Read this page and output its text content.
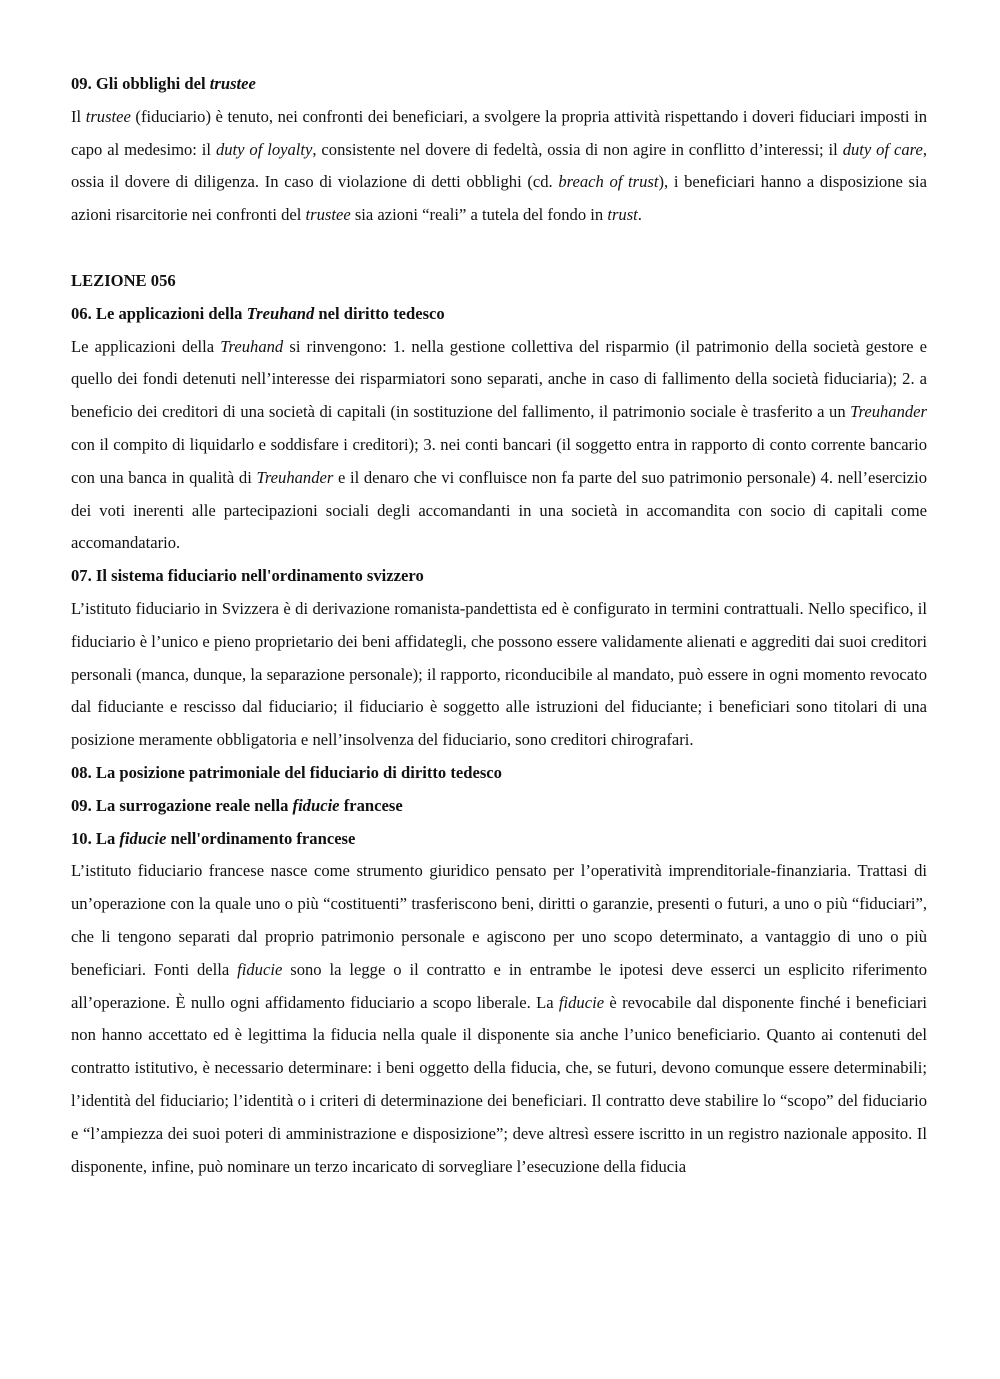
09. Gli obblighi del trustee

Il trustee (fiduciario) è tenuto, nei confronti dei beneficiari, a svolgere la propria attività rispettando i doveri fiduciari imposti in capo al medesimo: il duty of loyalty, consistente nel dovere di fedeltà, ossia di non agire in conflitto d’interessi; il duty of care, ossia il dovere di diligenza. In caso di violazione di detti obblighi (cd. breach of trust), i beneficiari hanno a disposizione sia azioni risarcitorie nei confronti del trustee sia azioni “reali” a tutela del fondo in trust.

LEZIONE 056

06. Le applicazioni della Treuhand nel diritto tedesco

Le applicazioni della Treuhand si rinvengono: 1. nella gestione collettiva del risparmio (il patrimonio della società gestore e quello dei fondi detenuti nell’interesse dei risparmiatori sono separati, anche in caso di fallimento della società fiduciaria); 2. a beneficio dei creditori di una società di capitali (in sostituzione del fallimento, il patrimonio sociale è trasferito a un Treuhander con il compito di liquidarlo e soddisfare i creditori); 3. nei conti bancari (il soggetto entra in rapporto di conto corrente bancario con una banca in qualità di Treuhander e il denaro che vi confluisce non fa parte del suo patrimonio personale) 4. nell’esercizio dei voti inerenti alle partecipazioni sociali degli accomandanti in una società in accomandita con socio di capitali come accomandatario.

07. Il sistema fiduciario nell'ordinamento svizzero

L’istituto fiduciario in Svizzera è di derivazione romanista-pandettista ed è configurato in termini contrattuali. Nello specifico, il fiduciario è l’unico e pieno proprietario dei beni affidategli, che possono essere validamente alienati e aggrediti dai suoi creditori personali (manca, dunque, la separazione personale); il rapporto, riconducibile al mandato, può essere in ogni momento revocato dal fiduciante e rescisso dal fiduciario; il fiduciario è soggetto alle istruzioni del fiduciante; i beneficiari sono titolari di una posizione meramente obbligatoria e nell’insolvenza del fiduciario, sono creditori chirografari.

08. La posizione patrimoniale del fiduciario di diritto tedesco

09. La surrogazione reale nella fiducie francese

10. La fiducie nell'ordinamento francese

L’istituto fiduciario francese nasce come strumento giuridico pensato per l’operatività imprenditoriale-finanziaria. Trattasi di un’operazione con la quale uno o più “costituenti” trasferiscono beni, diritti o garanzie, presenti o futuri, a uno o più “fiduciari”, che li tengono separati dal proprio patrimonio personale e agiscono per uno scopo determinato, a vantaggio di uno o più beneficiari. Fonti della fiducie sono la legge o il contratto e in entrambe le ipotesi deve esserci un esplicito riferimento all’operazione. È nullo ogni affidamento fiduciario a scopo liberale. La fiducie è revocabile dal disponente finché i beneficiari non hanno accettato ed è legittima la fiducia nella quale il disponente sia anche l’unico beneficiario. Quanto ai contenuti del contratto istitutivo, è necessario determinare: i beni oggetto della fiducia, che, se futuri, devono comunque essere determinabili; l’identità del fiduciario; l’identità o i criteri di determinazione dei beneficiari. Il contratto deve stabilire lo “scopo” del fiduciario e “l’ampiezza dei suoi poteri di amministrazione e disposizione”; deve altresì essere iscritto in un registro nazionale apposito. Il disponente, infine, può nominare un terzo incaricato di sorvegliare l’esecuzione della fiducia
